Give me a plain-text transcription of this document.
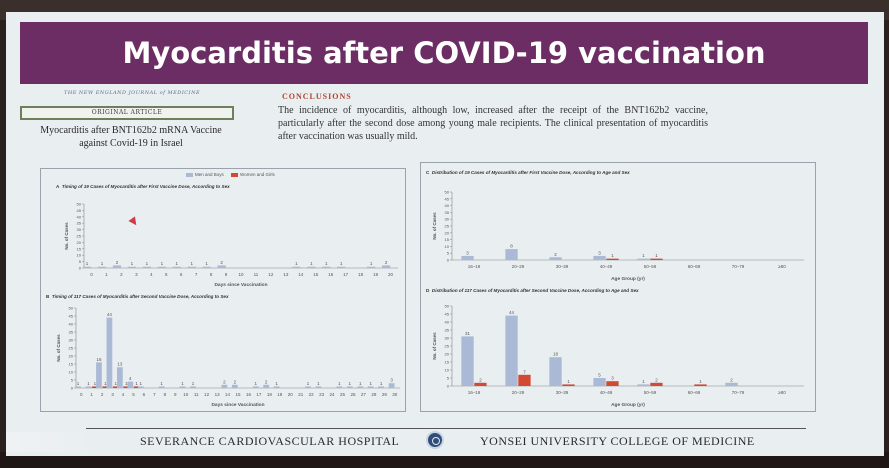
Myocarditis after COVID‑19 vaccination
THE NEW ENGLAND JOURNAL of MEDICINE
ORIGINAL ARTICLE
Myocarditis after BNT162b2 mRNA Vaccine
against Covid-19 in Israel
CONCLUSIONS
The incidence of myocarditis, although low, increased after the receipt of the BNT162b2 vaccine, particularly after the second dose among young male recipients. The clinical presentation of myocarditis after vaccination was usually mild.
Men and Boys	Women and Girls
A  Timing of 19 Cases of Myocarditis after First Vaccine Dose, According to Sex
B  Timing of 117 Cases of Myocarditis after Second Vaccine Dose, According to Sex
C  Distribution of 19 Cases of Myocarditis after First Vaccine Dose, According to Age and Sex
D  Distribution of 117 Cases of Myocarditis after Second Vaccine Dose, According to Age and Sex
0
5
10
15
20
25
30
35
40
45
50
No. of Cases
Days since Vaccination
0
1
1
1
2
2
3
1
4
1
5
1
6
1
7
1
8
1
9
2
10 11 12 13 14
1
15
1
16
1
17
1
18 19
1
20
2
0
5
10
15
20
25
30
35
40
45
50
No. of Cases
Days since Vaccination
0
1
1
1 1
2
16
1
3
44
1
4
13
1
5
4
1
6
1
7 8
1
9 10
1
11
1
12 13 14
2
15
2
16 17
1
18
2
19
1
20 21 22
1
23
1
24 25
1
26
1
27
1
28
1
29
1
30
3
0
5
10
15
20
25
30
35
40
45
50
No. of Cases
Age Group (yr)
16–19
3
20–29
8
30–39
2
40–49
3
1
50–59
1 1
60–69	70–79	≥80
0
5
10
15
20
25
30
35
40
45
50
No. of Cases
Age Group (yr)
16–19
31
2
20–29
44
7
30–39
18
1
40–49
5
3
50–59
1 2
60–69
1
70–79
2
≥80
SEVERANCE CARDIOVASCULAR HOSPITAL	YONSEI UNIVERSITY COLLEGE OF MEDICINE
